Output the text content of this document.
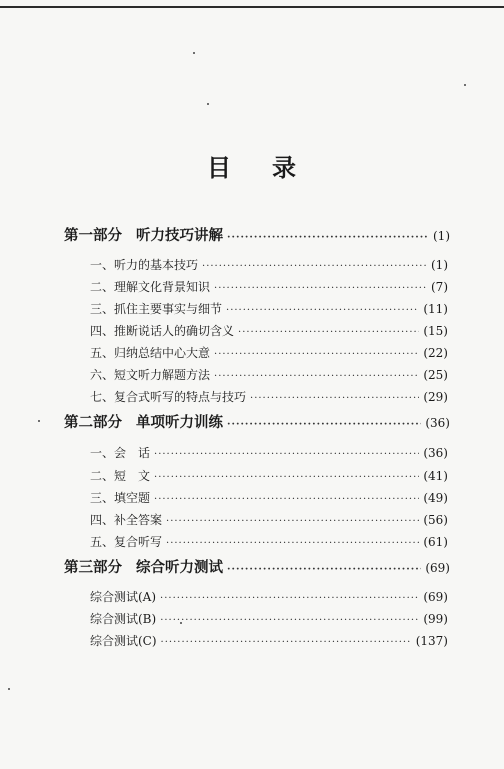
目 录
第一部分 听力技巧讲解 ·····	(1)
一、听力的基本技巧 ·····	(1)
二、理解文化背景知识 ·····	(7)
三、抓住主要事实与细节 ·····	(11)
四、推断说话人的确切含义 ·····	(15)
五、归纳总结中心大意 ·····	(22)
六、短文听力解题方法 ·····	(25)
七、复合式听写的特点与技巧 ·····	(29)
第二部分 单项听力训练 ·····	(36)
一、会　话 ·····	(36)
二、短　文 ·····	(41)
三、填空题 ·····	(49)
四、补全答案 ·····	(56)
五、复合听写 ·····	(61)
第三部分 综合听力测试 ·····	(69)
综合测试(A) ·····	(69)
综合测试(B) ·····	(99)
综合测试(C) ·····	(137)
